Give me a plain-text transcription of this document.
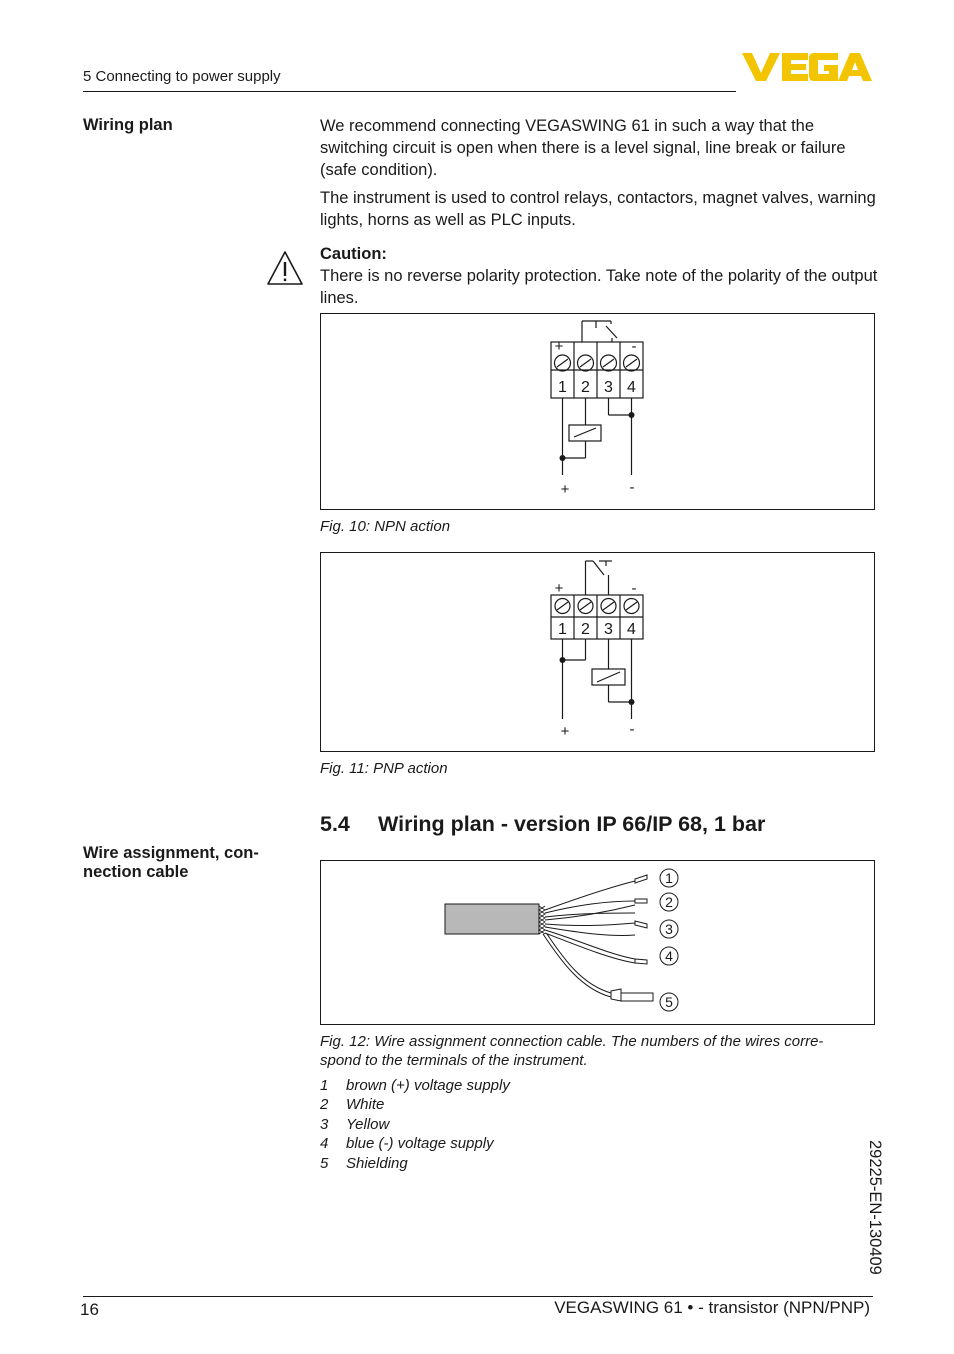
5 Connecting to power supply
Wiring plan	We recommend connecting VEGASWING 61 in such a way that the switching circuit is open when there is a level signal, line break or failure (safe condition).

The instrument is used to control relays, contactors, magnet valves, warning lights, horns as well as PLC inputs.

Caution:

There is no reverse polarity protection. Take note of the polarity of the output lines.

1 2 3 4
+	-
+	-
Fig. 10: NPN action
1 2 3 4
+	-
+	-
Fig. 11: PNP action
5.4 Wiring plan - version IP 66/IP 68, 1 bar
Wire assignment, con-
nection cable	1
2
3
4
5
Fig. 12: Wire assignment connection cable. The numbers of the wires corre-
spond to the terminals of the instrument.
1 brown (+) voltage supply
2 White
3 Yellow
4 blue (-) voltage supply
5 Shielding	29225-EN-130409
16	VEGASWING 61 • - transistor (NPN/PNP)
